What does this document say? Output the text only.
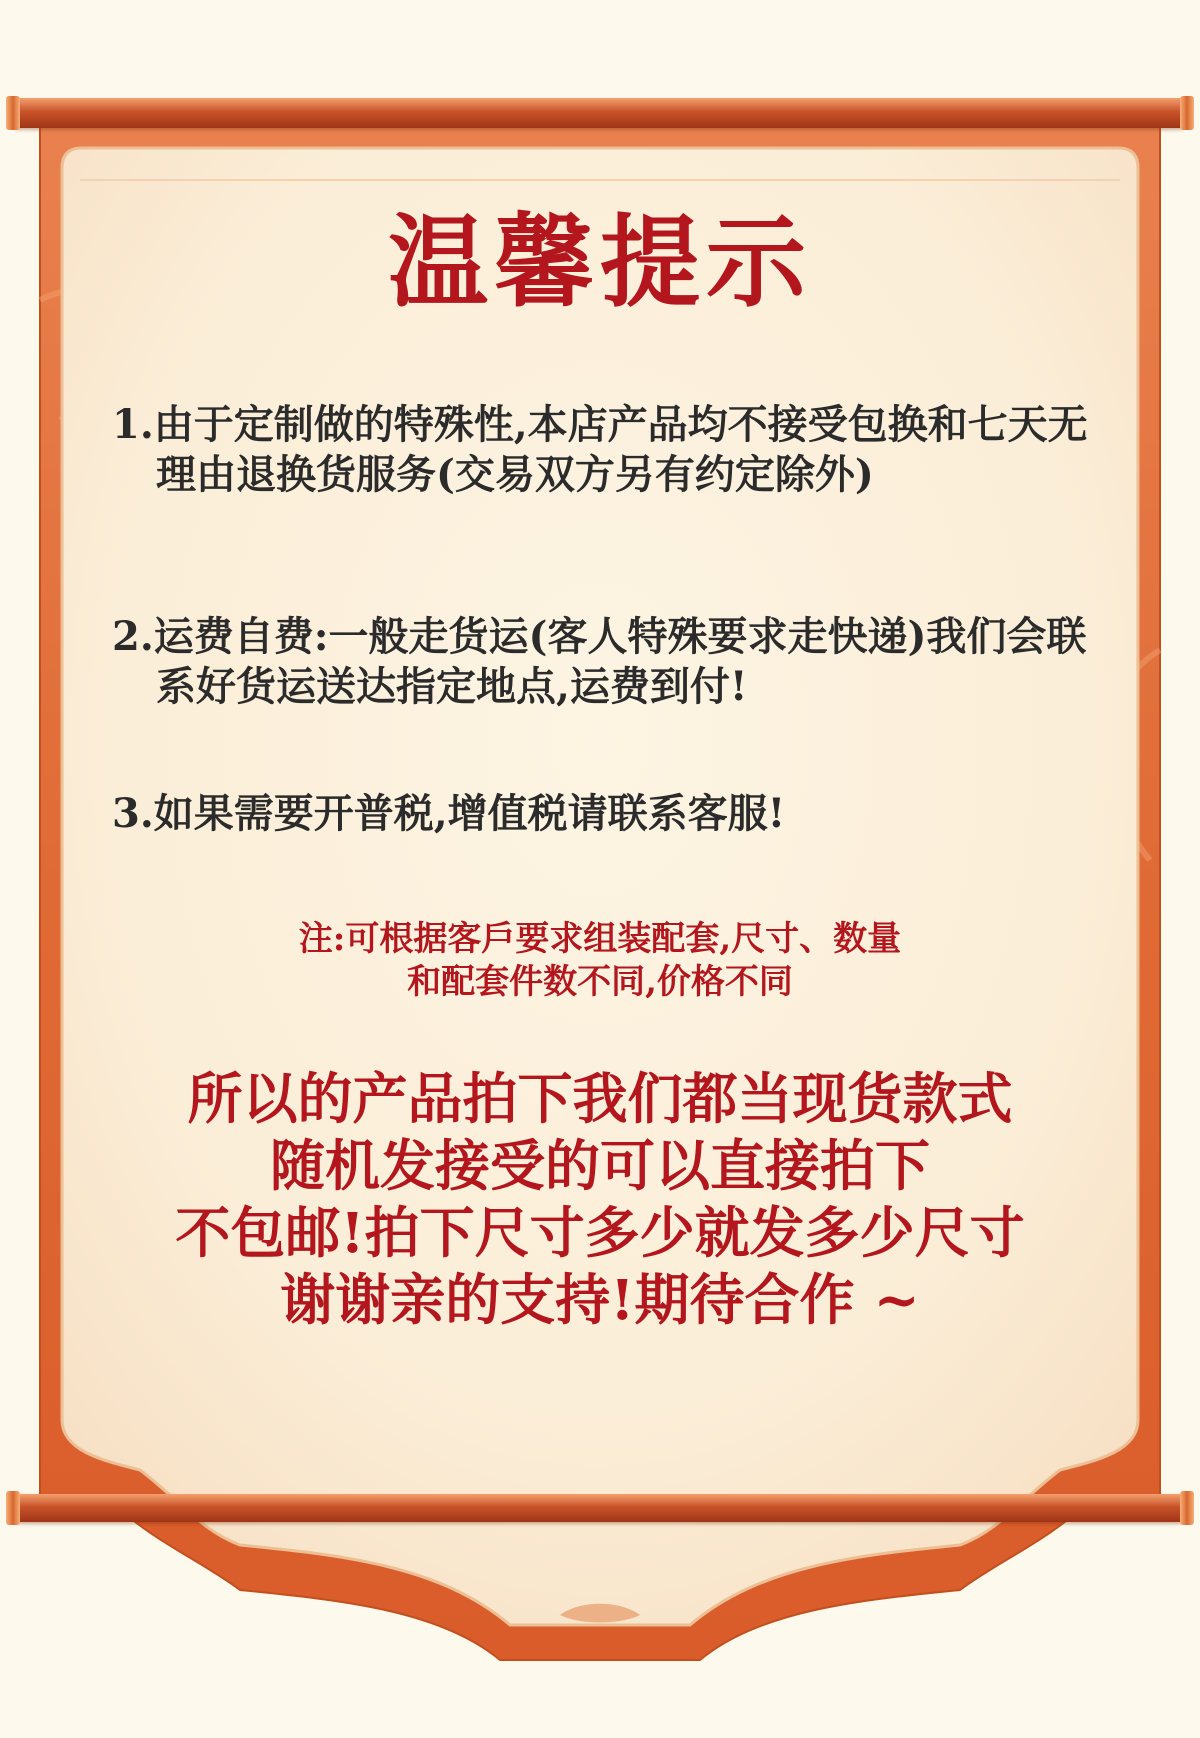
温馨提示

1.由于定制做的特殊性,本店产品均不接受包换和七天无理由退换货服务(交易双方另有约定除外)

2.运费自费:一般走货运(客人特殊要求走快递)我们会联系好货运送达指定地点,运费到付!

3.如果需要开普税,增值税请联系客服!

注:可根据客戶要求组装配套,尺寸、数量
和配套件数不同,价格不同
所以的产品拍下我们都当现货款式
随机发接受的可以直接拍下
不包邮!拍下尺寸多少就发多少尺寸
谢谢亲的支持!期待合作 ~
